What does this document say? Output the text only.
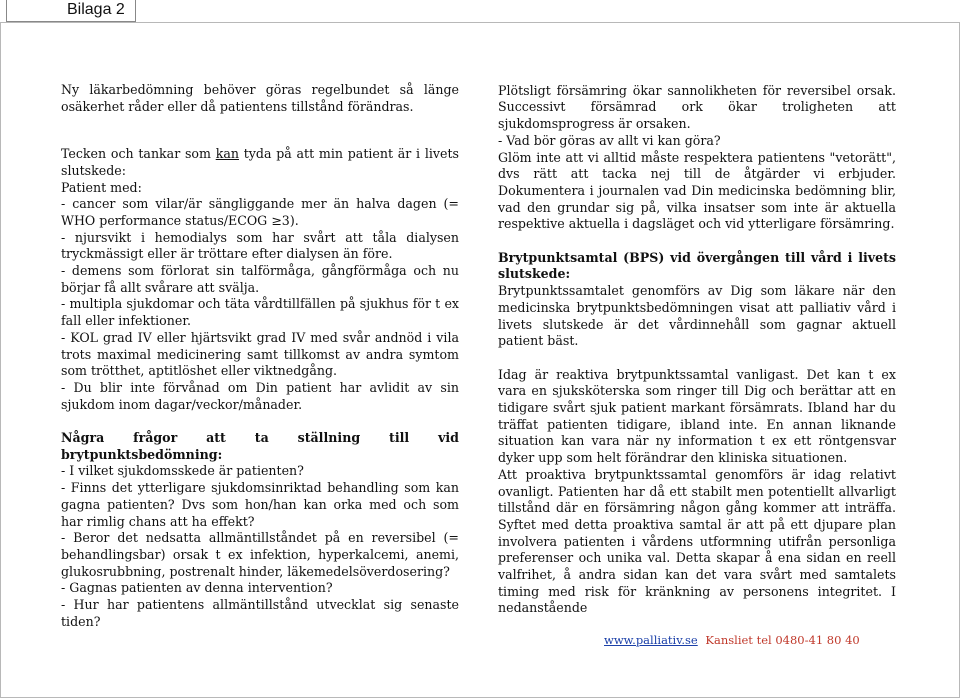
Bilaga 2

Ny läkarbedömning behöver göras regelbundet så länge osäkerhet råder eller då patientens tillstånd förändras.

Tecken och tankar som kan tyda på att min patient är i livets slutskede:

Patient med:

- cancer som vilar/är sängliggande mer än halva dagen (= WHO performance status/ECOG ≥3).

- njursvikt i hemodialys som har svårt att tåla dialysen tryckmässigt eller är tröttare efter dialysen än före.

- demens som förlorat sin talförmåga, gångförmåga och nu börjar få allt svårare att svälja.

- multipla sjukdomar och täta vårdtillfällen på sjukhus för t ex fall eller infektioner.

- KOL grad IV eller hjärtsvikt grad IV med svår andnöd i vila trots maximal medicinering samt tillkomst av andra symtom som trötthet, aptitlöshet eller viktnedgång.

- Du blir inte förvånad om Din patient har avlidit av sin sjukdom inom dagar/veckor/månader.

Några frågor att ta ställning till vid brytpunktsbedömning:

- I vilket sjukdomsskede är patienten?

- Finns det ytterligare sjukdomsinriktad behandling som kan gagna patienten? Dvs som hon/han kan orka med och som har rimlig chans att ha effekt?

- Beror det nedsatta allmäntillståndet på en reversibel (= behandlingsbar) orsak t ex infektion, hyperkalcemi, anemi, glukosrubbning, postrenalt hinder, läkemedelsöverdosering?

- Gagnas patienten av denna intervention?

- Hur har patientens allmäntillstånd utvecklat sig senaste tiden?

Plötsligt försämring ökar sannolikheten för reversibel orsak. Successivt försämrad ork ökar troligheten att sjukdomsprogress är orsaken.

- Vad bör göras av allt vi kan göra?

Glöm inte att vi alltid måste respektera patientens "vetorätt", dvs rätt att tacka nej till de åtgärder vi erbjuder. Dokumentera i journalen vad Din medicinska bedömning blir, vad den grundar sig på, vilka insatser som inte är aktuella respektive aktuella i dagsläget och vid ytterligare försämring.

Brytpunktsamtal (BPS) vid övergången till vård i livets slutskede:

Brytpunktssamtalet genomförs av Dig som läkare när den medicinska brytpunktsbedömningen visat att palliativ vård i livets slutskede är det vårdinnehåll som gagnar aktuell patient bäst.

Idag är reaktiva brytpunktssamtal vanligast. Det kan t ex vara en sjuksköterska som ringer till Dig och berättar att en tidigare svårt sjuk patient markant försämrats. Ibland har du träffat patienten tidigare, ibland inte. En annan liknande situation kan vara när ny information t ex ett röntgensvar dyker upp som helt förändrar den kliniska situationen.

Att proaktiva brytpunktssamtal genomförs är idag relativt ovanligt. Patienten har då ett stabilt men potentiellt allvarligt tillstånd där en försämring någon gång kommer att inträffa. Syftet med detta proaktiva samtal är att på ett djupare plan involvera patienten i vårdens utformning utifrån personliga preferenser och unika val. Detta skapar å ena sidan en reell valfrihet, å andra sidan kan det vara svårt med samtalets timing med risk för kränkning av personens integritet. I nedanstående

www.palliativ.se Kansliet tel 0480-41 80 40
